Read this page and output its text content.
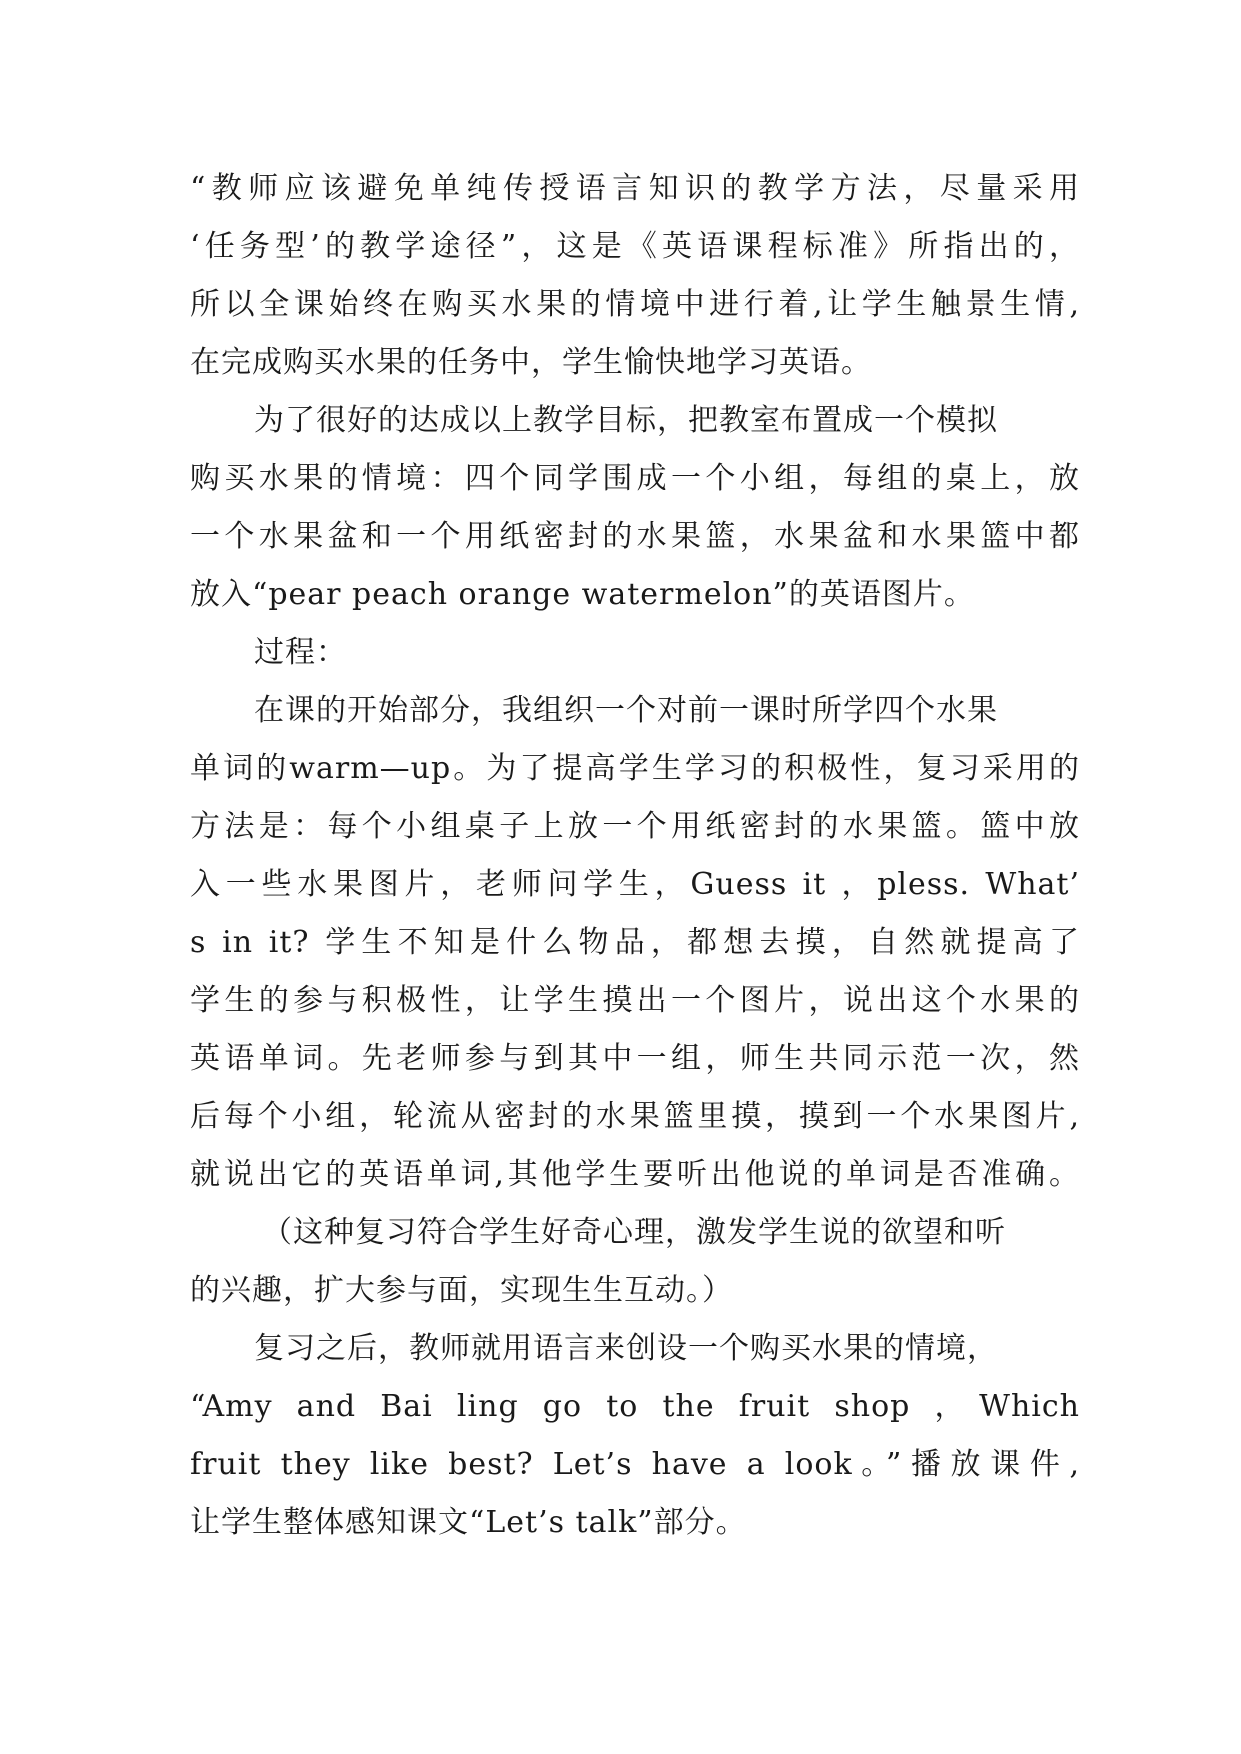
“教师应该避免单纯传授语言知识的教学方法，尽量采用
‘任务型’的教学途径”，这是《英语课程标准》所指出的，
所以全课始终在购买水果的情境中进行着,让学生触景生情,
在完成购买水果的任务中，学生愉快地学习英语。
为了很好的达成以上教学目标，把教室布置成一个模拟
购买水果的情境：四个同学围成一个小组，每组的桌上，放
一个水果盆和一个用纸密封的水果篮，水果盆和水果篮中都
放入“pear peach orange watermelon”的英语图片。
过程：
在课的开始部分，我组织一个对前一课时所学四个水果
单词的warm—up。为了提高学生学习的积极性，复习采用的
方法是：每个小组桌子上放一个用纸密封的水果篮。篮中放
入一些水果图片，老师问学生，Guess it ，pless. What’
s in it? 学生不知是什么物品，都想去摸，自然就提高了
学生的参与积极性，让学生摸出一个图片，说出这个水果的
英语单词。先老师参与到其中一组，师生共同示范一次，然
后每个小组，轮流从密封的水果篮里摸，摸到一个水果图片,
就说出它的英语单词,其他学生要听出他说的单词是否准确。
（这种复习符合学生好奇心理，激发学生说的欲望和听
的兴趣，扩大参与面，实现生生互动。）
复习之后，教师就用语言来创设一个购买水果的情境，
“Amy and Bai ling go to the fruit shop ，Which
fruit they like best? Let’s have a look。”播放课件,
让学生整体感知课文“Let’s talk”部分。
